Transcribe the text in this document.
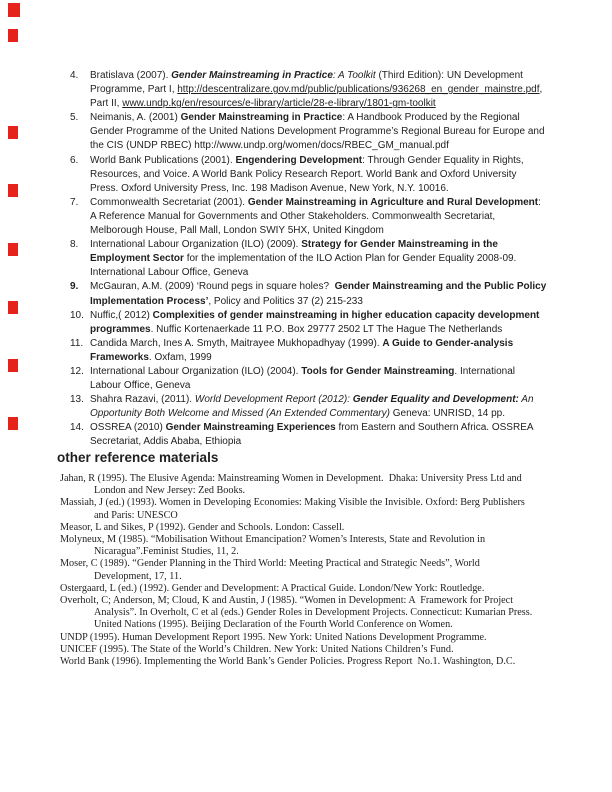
4.	Bratislava (2007). Gender Mainstreaming in Practice: A Toolkit (Third Edition): UN Development
Programme, Part I, http://descentralizare.gov.md/public/publications/936268_en_gender_mainstre.pdf,
Part II, www.undp.kg/en/resources/e-library/article/28-e-library/1801-gm-toolkit
5.	Neimanis, A. (2001) Gender Mainstreaming in Practice: A Handbook Produced by the Regional
Gender Programme of the United Nations Development Programme’s Regional Bureau for Europe and
the CIS (UNDP RBEC) http://www.undp.org/women/docs/RBEC_GM_manual.pdf
6.	World Bank Publications (2001). Engendering Development: Through Gender Equality in Rights,
Resources, and Voice. A World Bank Policy Research Report. World Bank and Oxford University
Press. Oxford University Press, Inc. 198 Madison Avenue, New York, N.Y. 10016.
7.	Commonwealth Secretariat (2001). Gender Mainstreaming in Agriculture and Rural Development:
A Reference Manual for Governments and Other Stakeholders. Commonwealth Secretariat,
Melborough House, Pall Mall, London SWIY 5HX, United Kingdom
8.	International Labour Organization (ILO) (2009). Strategy for Gender Mainstreaming in the
Employment Sector for the implementation of the ILO Action Plan for Gender Equality 2008-09.
International Labour Office, Geneva
9.	McGauran, A.M. (2009) ‘Round pegs in square holes?  Gender Mainstreaming and the Public Policy
Implementation Process’, Policy and Politics 37 (2) 215-233
10. Nuffic,( 2012) Complexities of gender mainstreaming in higher education capacity development
programmes. Nuffic Kortenaerkade 11 P.O. Box 29777 2502 LT The Hague The Netherlands
11. Candida March, Ines A. Smyth, Maitrayee Mukhopadhyay (1999). A Guide to Gender-analysis
Frameworks. Oxfam, 1999
12. International Labour Organization (ILO) (2004). Tools for Gender Mainstreaming. International
Labour Office, Geneva
13. Shahra Razavi, (2011). World Development Report (2012): Gender Equality and Development: An
Opportunity Both Welcome and Missed (An Extended Commentary) Geneva: UNRISD, 14 pp.
14. OSSREA (2010) Gender Mainstreaming Experiences from Eastern and Southern Africa. OSSREA
Secretariat, Addis Ababa, Ethiopia
other reference materials
Jahan, R (1995). The Elusive Agenda: Mainstreaming Women in Development.  Dhaka: University Press Ltd and
London and New Jersey: Zed Books.
Massiah, J (ed.) (1993). Women in Developing Economies: Making Visible the Invisible. Oxford: Berg Publishers
and Paris: UNESCO
Measor, L and Sikes, P (1992). Gender and Schools. London: Cassell.
Molyneux, M (1985). “Mobilisation Without Emancipation? Women’s Interests, State and Revolution in
Nicaragua”.Feminist Studies, 11, 2.
Moser, C (1989). “Gender Planning in the Third World: Meeting Practical and Strategic Needs”, World
Development, 17, 11.
Ostergaard, L (ed.) (1992). Gender and Development: A Practical Guide. London/New York: Routledge.
Overholt, C; Anderson, M; Cloud, K and Austin, J (1985). “Women in Development: A  Framework for Project
Analysis”. In Overholt, C et al (eds.) Gender Roles in Development Projects. Connecticut: Kumarian Press.
United Nations (1995). Beijing Declaration of the Fourth World Conference on Women.
UNDP (1995). Human Development Report 1995. New York: United Nations Development Programme.
UNICEF (1995). The State of the World’s Children. New York: United Nations Children’s Fund.
World Bank (1996). Implementing the World Bank’s Gender Policies. Progress Report  No.1. Washington, D.C.
